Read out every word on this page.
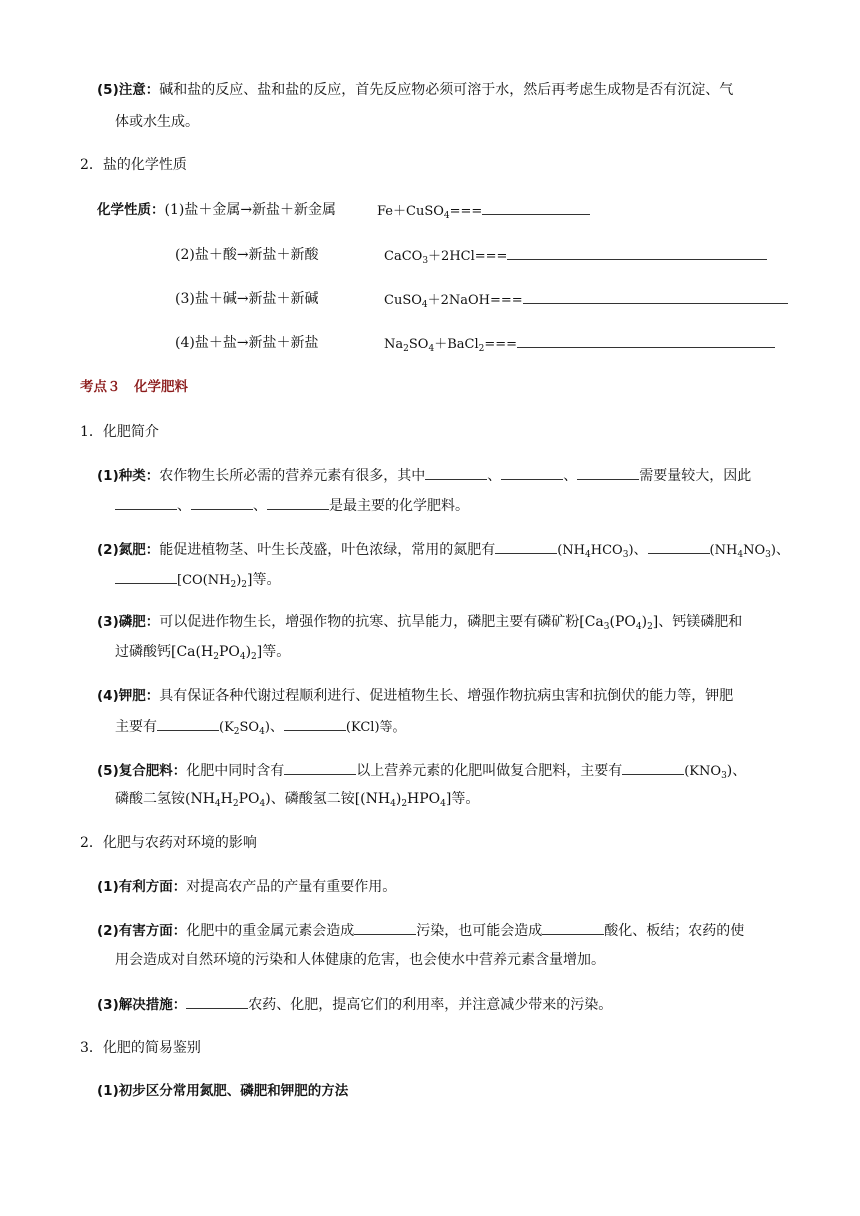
(5)注意：碱和盐的反应、盐和盐的反应，首先反应物必须可溶于水，然后再考虑生成物是否有沉淀、气
体或水生成。
2．盐的化学性质
化学性质：(1)盐＋金属→新盐＋新金属	Fe＋CuSO$_4$===
(2)盐＋酸→新盐＋新酸	CaCO$_3$＋2HCl===
(3)盐＋碱→新盐＋新碱	CuSO$_4$＋2NaOH===
(4)盐＋盐→新盐＋新盐	$Na_2SO_4+BaCl_2===$
考点３　化学肥料
1．化肥简介
(1)种类：农作物生长所必需的营养元素有很多，其中	、	、	需要量较大，因此
、	、	是最主要的化学肥料。
(2)氮肥：能促进植物茎、叶生长茂盛，叶色浓绿，常用的氮肥有	$(NH_4HCO_3)$、	$(NH_4NO_3)$、
$[CO(NH_2)_2]$等。
(3)磷肥：可以促进作物生长，增强作物的抗寒、抗旱能力，磷肥主要有磷矿粉$[Ca_3(PO_4)_2]$、钙镁磷肥和
过磷酸钙$[Ca(H_2PO_4)_2]$等。
(4)钾肥：具有保证各种代谢过程顺利进行、促进植物生长、增强作物抗病虫害和抗倒伏的能力等，钾肥
主要有	$(K_2SO_4)$、	(KCl)等。
(5)复合肥料：化肥中同时含有	以上营养元素的化肥叫做复合肥料，主要有	$(KNO_3)$、
磷酸二氢铵$(NH_4H_2PO_4)$、磷酸氢二铵$[(NH_4)_2HPO_4]$等。
2．化肥与农药对环境的影响
(1)有利方面：对提高农产品的产量有重要作用。
(2)有害方面：化肥中的重金属元素会造成	污染，也可能会造成	酸化、板结；农药的使
用会造成对自然环境的污染和人体健康的危害，也会使水中营养元素含量增加。
(3)解决措施：	农药、化肥，提高它们的利用率，并注意减少带来的污染。
3．化肥的简易鉴别
(1)初步区分常用氮肥、磷肥和钾肥的方法
